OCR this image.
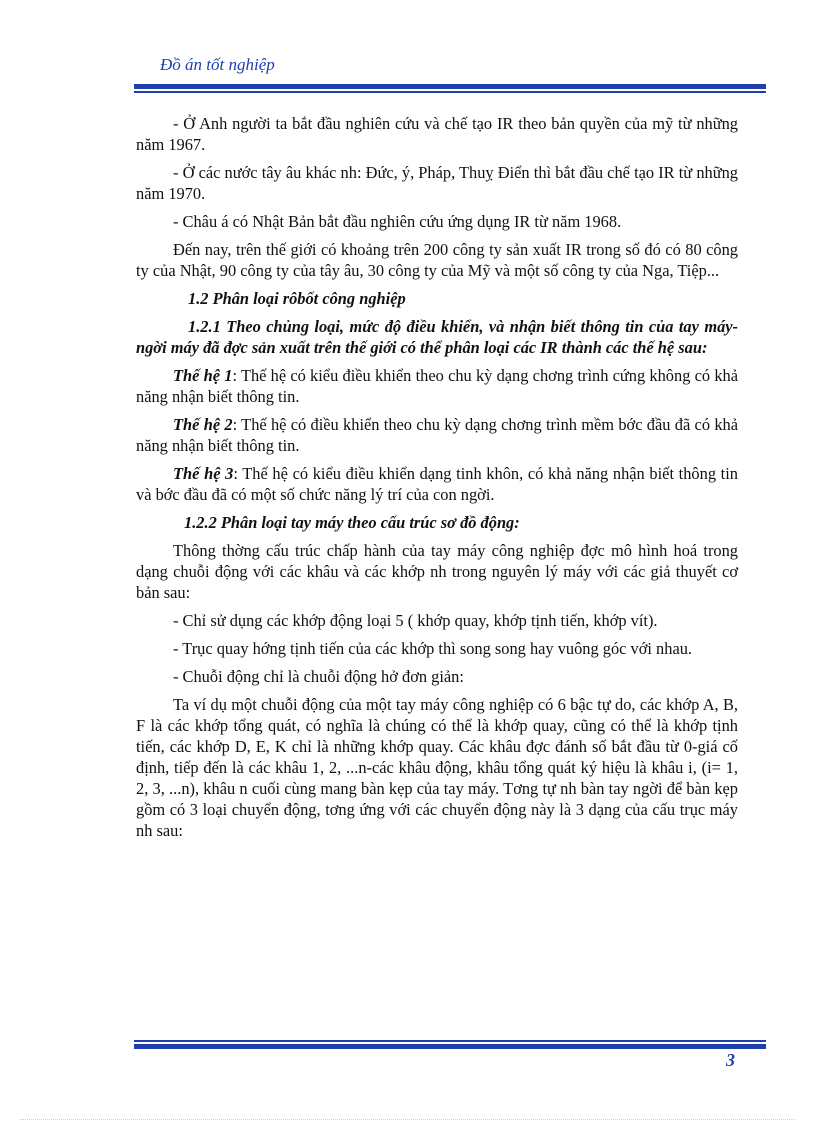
Đồ án tốt nghiệp

- Ở Anh người ta bắt đầu nghiên cứu và chế tạo IR theo bản quyền của mỹ từ những năm 1967.

- Ở các nước tây âu khác nh: Đức, ý, Pháp, Thuỵ Điển thì bắt đầu chế tạo IR từ những năm 1970.

- Châu á có Nhật Bản bắt đầu nghiên cứu ứng dụng IR từ năm 1968.

Đến nay, trên thế giới có khoảng trên 200 công ty sản xuất IR trong số đó có 80 công ty của Nhật, 90 công ty của tây âu, 30 công ty của Mỹ và một số công ty của Nga, Tiệp...

1.2 Phân loại rôbốt công nghiệp

1.2.1 Theo chủng loại, mức độ điều khiển, và nhận biết thông tin của tay máy-ngời máy đã đợc sản xuất trên thế giới có thể phân loại các IR thành các thế hệ sau:

Thế hệ 1: Thế hệ có kiểu điều khiển theo chu kỳ dạng chơng trình cứng không có khả năng nhận biết thông tin.

Thế hệ 2: Thế hệ có điều khiển theo chu kỳ dạng chơng trình mềm bớc đầu đã có khả năng nhận biết thông tin.

Thế hệ 3: Thế hệ có kiểu điều khiển dạng tinh khôn, có khả năng nhận biết thông tin và bớc đầu đã có một số chức năng lý trí của con ngời.

1.2.2 Phân loại tay máy theo cấu trúc sơ đồ động:

Thông thờng cấu trúc chấp hành của tay máy công nghiệp đợc mô hình hoá trong dạng chuỗi động với các khâu và các khớp nh trong nguyên lý máy với các giả thuyết cơ bản sau:

- Chỉ sử dụng các khớp động loại 5 ( khớp quay, khớp tịnh tiến, khớp vít).

- Trục quay hớng tịnh tiến của các khớp thì song song hay vuông góc với nhau.

- Chuỗi động chỉ là chuỗi động hở đơn giản:

Ta ví dụ một chuỗi động của một tay máy công nghiệp có 6 bậc tự do, các khớp A, B, F là các khớp tổng quát, có nghĩa là chúng có thể là khớp quay, cũng có thể là khớp tịnh tiến, các khớp D, E, K chỉ là những khớp quay. Các khâu đợc đánh số bắt đầu từ 0-giá cố định, tiếp đến là các khâu 1, 2, ...n-các khâu động, khâu tổng quát ký hiệu là khâu i, (i= 1, 2, 3, ...n), khâu n cuối cùng mang bàn kẹp của tay máy. Tơng tự nh bàn tay ngời để bàn kẹp gồm có 3 loại chuyển động, tơng ứng với các chuyển động này là 3 dạng của cấu trục máy nh sau:

3
